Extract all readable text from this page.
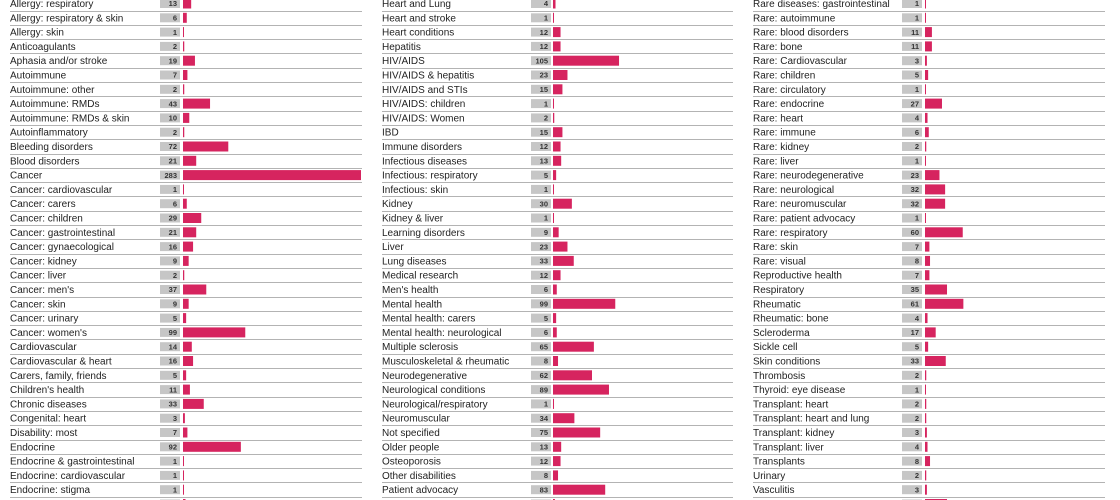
Allergy: respiratory	13
Allergy: respiratory & skin	6
Allergy: skin	1
Anticoagulants	2
Aphasia and/or stroke	19
Autoimmune	7
Autoimmune: other	2
Autoimmune: RMDs	43
Autoimmune: RMDs & skin	10
Autoinflammatory	2
Bleeding disorders	72
Blood disorders	21
Cancer	283
Cancer: cardiovascular	1
Cancer: carers	6
Cancer: children	29
Cancer: gastrointestinal	21
Cancer: gynaecological	16
Cancer: kidney	9
Cancer: liver	2
Cancer: men's	37
Cancer: skin	9
Cancer: urinary	5
Cancer: women's	99
Cardiovascular	14
Cardiovascular & heart	16
Carers, family, friends	5
Children's health	11
Chronic diseases	33
Congenital: heart	3
Disability: most	7
Endocrine	92
Endocrine & gastrointestinal	1
Endocrine: cardiovascular	1
Endocrine: stigma	1
Heart and Lung	4
Heart and stroke	1
Heart conditions	12
Hepatitis	12
HIV/AIDS	105
HIV/AIDS & hepatitis	23
HIV/AIDS and STIs	15
HIV/AIDS: children	1
HIV/AIDS: Women	2
IBD	15
Immune disorders	12
Infectious diseases	13
Infectious: respiratory	5
Infectious: skin	1
Kidney	30
Kidney & liver	1
Learning disorders	9
Liver	23
Lung diseases	33
Medical research	12
Men's health	6
Mental health	99
Mental health: carers	5
Mental health: neurological	6
Multiple sclerosis	65
Musculoskeletal & rheumatic	8
Neurodegenerative	62
Neurological conditions	89
Neurological/respiratory	1
Neuromuscular	34
Not specified	75
Older people	13
Osteoporosis	12
Other disabilities	8
Patient advocacy	83
Rare diseases: gastrointestinal	1
Rare: autoimmune	1
Rare: blood disorders	11
Rare: bone	11
Rare: Cardiovascular	3
Rare: children	5
Rare: circulatory	1
Rare: endocrine	27
Rare: heart	4
Rare: immune	6
Rare: kidney	2
Rare: liver	1
Rare: neurodegenerative	23
Rare: neurological	32
Rare: neuromuscular	32
Rare: patient advocacy	1
Rare: respiratory	60
Rare: skin	7
Rare: visual	8
Reproductive health	7
Respiratory	35
Rheumatic	61
Rheumatic: bone	4
Scleroderma	17
Sickle cell	5
Skin conditions	33
Thrombosis	2
Thyroid: eye disease	1
Transplant: heart	2
Transplant: heart and lung	2
Transplant: kidney	3
Transplant: liver	4
Transplants	8
Urinary	2
Vasculitis	3
